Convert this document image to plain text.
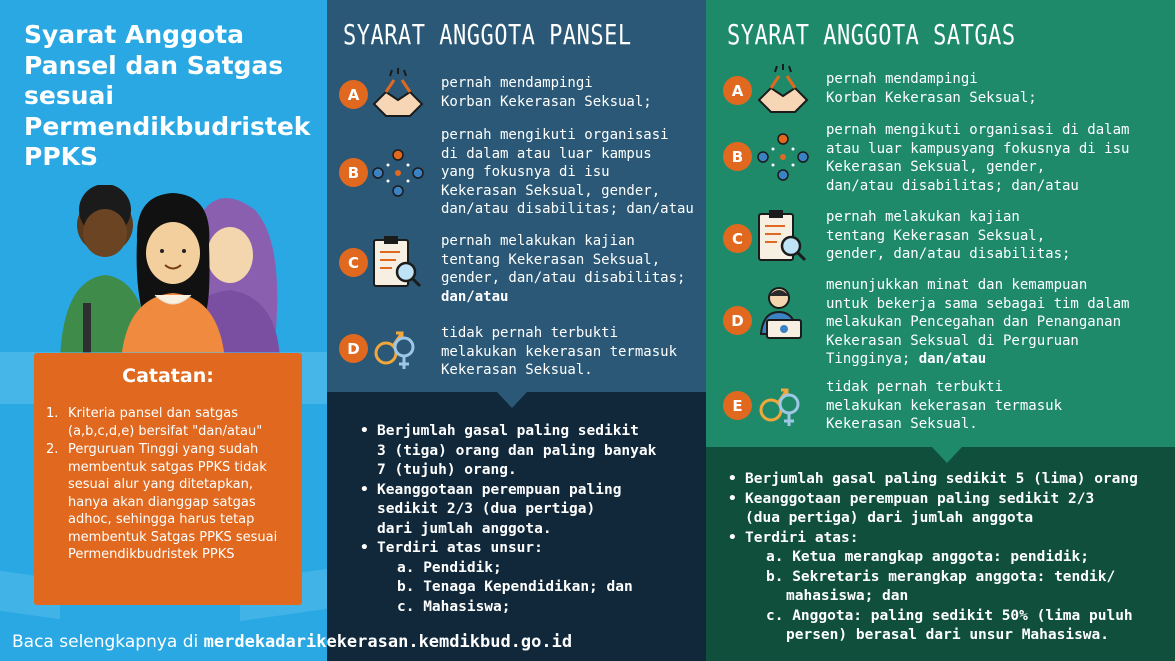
Syarat Anggota
Pansel dan Satgas
sesuai
Permendikbudristek
PPKS
Catatan:
1. Kriteria pansel dan satgas (a,b,c,d,e) bersifat "dan/atau"
2. Perguruan Tinggi yang sudah membentuk satgas PPKS tidak sesuai alur yang ditetapkan, hanya akan dianggap satgas adhoc, sehingga harus tetap membentuk Satgas PPKS sesuai Permendikbudristek PPKS
SYARAT ANGGOTA PANSEL
A
pernah mendampingi
Korban Kekerasan Seksual;
B
pernah mengikuti organisasi
di dalam atau luar kampus
yang fokusnya di isu
Kekerasan Seksual, gender,
dan/atau disabilitas; dan/atau
C
pernah melakukan kajian
tentang Kekerasan Seksual,
gender, dan/atau disabilitas;
dan/atau
D
tidak pernah terbukti
melakukan kekerasan termasuk
Kekerasan Seksual.
• Berjumlah gasal paling sedikit
3 (tiga) orang dan paling banyak
7 (tujuh) orang.
• Keanggotaan perempuan paling
sedikit 2/3 (dua pertiga)
dari jumlah anggota.
• Terdiri atas unsur:
a. Pendidik;
b. Tenaga Kependidikan; dan
c. Mahasiswa;
SYARAT ANGGOTA SATGAS
A
pernah mendampingi
Korban Kekerasan Seksual;
B
pernah mengikuti organisasi di dalam
atau luar kampusyang fokusnya di isu
Kekerasan Seksual, gender,
dan/atau disabilitas; dan/atau
C
pernah melakukan kajian
tentang Kekerasan Seksual,
gender, dan/atau disabilitas;
D
menunjukkan minat dan kemampuan
untuk bekerja sama sebagai tim dalam
melakukan Pencegahan dan Penanganan
Kekerasan Seksual di Perguruan
Tingginya; dan/atau
E
tidak pernah terbukti
melakukan kekerasan termasuk
Kekerasan Seksual.
• Berjumlah gasal paling sedikit 5 (lima) orang
• Keanggotaan perempuan paling sedikit 2/3
(dua pertiga) dari jumlah anggota
• Terdiri atas:
a. Ketua merangkap anggota: pendidik;
b. Sekretaris merangkap anggota: tendik/
mahasiswa; dan
c. Anggota: paling sedikit 50% (lima puluh
persen) berasal dari unsur Mahasiswa.
Baca selengkapnya di merdekadarikekerasan.kemdikbud.go.id
